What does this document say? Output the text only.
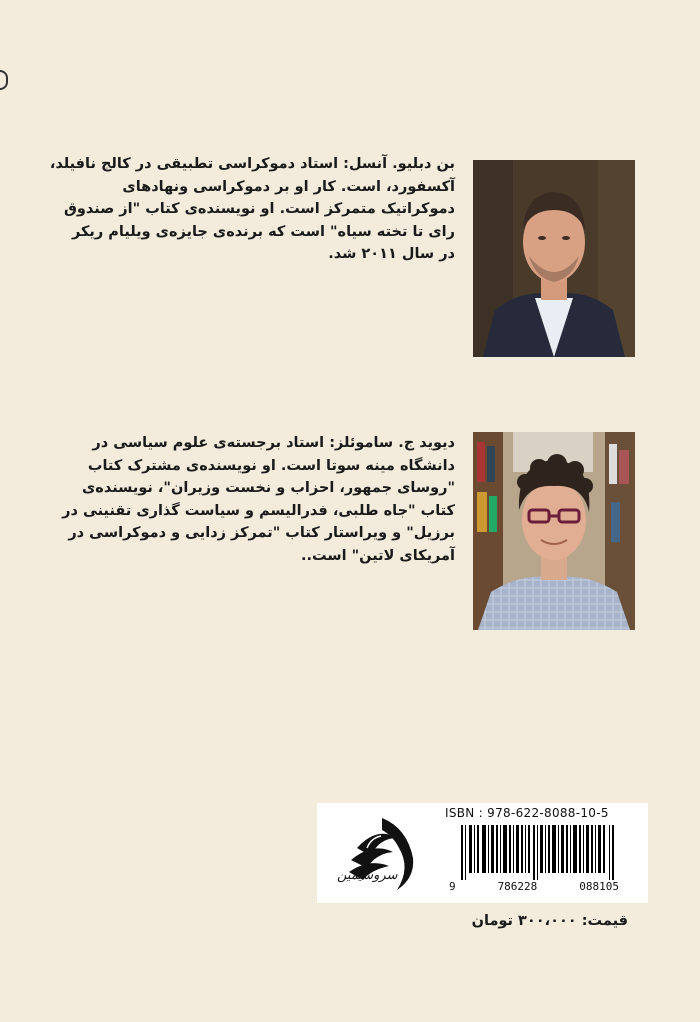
بن دبلیو. آنسل: استاد دموکراسی تطبیقی در کالج نافیلد،
آکسفورد، است. کار او بر دموکراسی ونهادهای
دموکراتیک متمرکز است. او نویسنده‌ی کتاب "از صندوق
رای تا تخته سیاه" است که برنده‌ی جایزه‌ی ویلیام ریکر
در سال ۲۰۱۱ شد.
دیوید ج. ساموئلز: استاد برجسته‌ی علوم سیاسی در
دانشگاه مینه سوتا است. او نویسنده‌ی مشترک کتاب
"روسای جمهور، احزاب و نخست وزیران"، نویسنده‌ی
کتاب "جاه طلبی، فدرالیسم و سیاست گذاری تقنینی در
برزیل" و ویراستار کتاب "تمرکز زدایی و دموکراسی در
آمریکای لاتین" است..
سروسیمین
ISBN : 978-622-8088-10-5
9	786228	088105
قیمت: ۳۰۰،۰۰۰ تومان
